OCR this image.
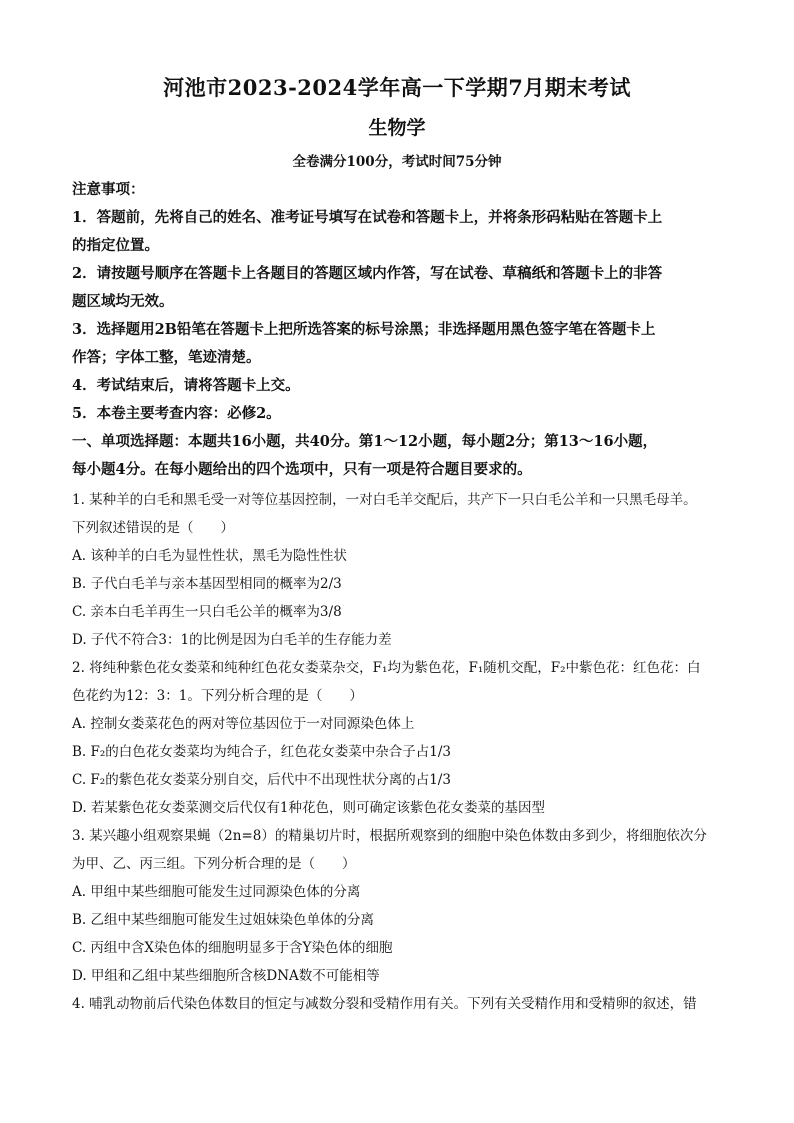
河池市2023-2024学年高一下学期7月期末考试
生物学
全卷满分100分，考试时间75分钟
注意事项：
1．答题前，先将自己的姓名、准考证号填写在试卷和答题卡上，并将条形码粘贴在答题卡上
的指定位置。
2．请按题号顺序在答题卡上各题目的答题区域内作答，写在试卷、草稿纸和答题卡上的非答
题区域均无效。
3．选择题用2B铅笔在答题卡上把所选答案的标号涂黑；非选择题用黑色签字笔在答题卡上
作答；字体工整，笔迹清楚。
4．考试结束后，请将答题卡上交。
5．本卷主要考查内容：必修2。
一、单项选择题：本题共16小题，共40分。第1～12小题，每小题2分；第13～16小题，
每小题4分。在每小题给出的四个选项中，只有一项是符合题目要求的。
1. 某种羊的白毛和黑毛受一对等位基因控制，一对白毛羊交配后，共产下一只白毛公羊和一只黑毛母羊。
下列叙述错误的是（　　）
A. 该种羊的白毛为显性性状，黑毛为隐性性状
B. 子代白毛羊与亲本基因型相同的概率为2/3
C. 亲本白毛羊再生一只白毛公羊的概率为3/8
D. 子代不符合3：1的比例是因为白毛羊的生存能力差
2. 将纯种紫色花女娄菜和纯种红色花女娄菜杂交，F₁均为紫色花，F₁随机交配，F₂中紫色花：红色花：白
色花约为12：3：1。下列分析合理的是（　　）
A. 控制女娄菜花色的两对等位基因位于一对同源染色体上
B. F₂的白色花女娄菜均为纯合子，红色花女娄菜中杂合子占1/3
C. F₂的紫色花女娄菜分别自交，后代中不出现性状分离的占1/3
D. 若某紫色花女娄菜测交后代仅有1种花色，则可确定该紫色花女娄菜的基因型
3. 某兴趣小组观察果蝇（2n=8）的精巢切片时，根据所观察到的细胞中染色体数由多到少，将细胞依次分
为甲、乙、丙三组。下列分析合理的是（　　）
A. 甲组中某些细胞可能发生过同源染色体的分离
B. 乙组中某些细胞可能发生过姐妹染色单体的分离
C. 丙组中含X染色体的细胞明显多于含Y染色体的细胞
D. 甲组和乙组中某些细胞所含核DNA数不可能相等
4. 哺乳动物前后代染色体数目的恒定与减数分裂和受精作用有关。下列有关受精作用和受精卵的叙述，错
